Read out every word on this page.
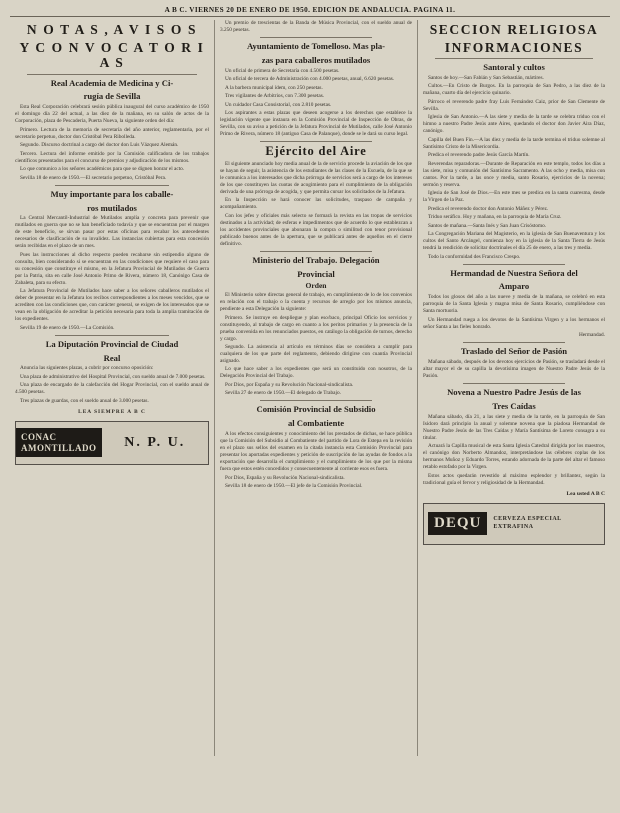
A B C. VIERNES 20 DE ENERO DE 1950. EDICION DE ANDALUCIA. PAGINA 11.
N O T A S , A V I S O S
Y C O N V O C A T O R I A S
Real Academia de Medicina y Ci-
rugía de Sevilla

Esta Real Corporación celebrará sesión pública inaugural del curso académico de 1950 el domingo día 22 del actual, a las diez de la mañana, en su salón de actos de la Corporación, plaza de Pescaderia, Puerta Nueva, la siguiente orden del día:

Primero. Lectura de la memoria de secretaría del año anterior, reglamentaria, por el secretario perpetuo, doctor don Cristóbal Pera Ribolleda.

Segundo. Discurso doctrinal a cargo del doctor don Luis Vázquez Alemán.

Tercero. Lectura del informe emitido por la Comisión calificadora de los trabajos científicos presentados para el concurso de premios y adjudicación de los mismos.

Lo que comunico a los señores académicos para que se dignen honrar el acto.

Sevilla 18 de enero de 1950.—El secretario perpetuo, Cristóbal Pera.

Muy importante para los caballe-
ros mutilados

La Central Mercantil-Industrial de Mutilados amplía y concreta para prevenir que mutilados en guerra que no se han beneficiado todavía y que se encuentran por el margen de este beneficio, se sirvan pasar por estas oficinas para recabar los antecedentes necesarios de clasificación de su invalidez. Las instancias cubiertas para esta concesión serán recibidas en el plazo de un mes.

Pues las instrucciones al dicho respecto pueden recabarse sin estipendio alguno de consulta, bien considerando si se encuentran en las condiciones que requiere el caso para su concesión que constituye el mismo, en la Jefatura Provincial de Mutilados de Guerra por la Patria, sita en calle José Antonio Primo de Rivera, número 18, Canónigo Casa de Zabaleta, para su efecto.

La Jefatura Provincial de Mutilados hace saber a los señores caballeros mutilados el deber de presentar en la Jefatura los recibos correspondientes a los meses vencidos, que se acrediten con las condiciones que, con carácter general, se exigen de los interesados que se vean en la obligación de acreditar la petición necesaria para toda la amplia tramitación de los expedientes.

Sevilla 19 de enero de 1950.—La Comisión.

La Diputación Provincial de Ciudad
Real

Anuncia las siguientes plazas, a cubrir por concurso oposición:

Una plaza de administrativo del Hospital Provincial, con sueldo anual de 7.000 pesetas.

Una plaza de encargado de la calefacción del Hogar Provincial, con el sueldo anual de 4.500 pesetas.

Tres plazas de guardas, con el sueldo anual de 3.000 pesetas.

LEA SIEMPRE A B C
CONAC
AMONTILLADO	N. P. U.

Un premio de trescientas de la Banda de Música Provincial, con el sueldo anual de 3.250 pesetas.

Ayuntamiento de Tomelloso. Mas pla-
zas para caballeros mutilados

Un oficial de primera de Secretaría con 4.500 pesetas.

Un oficial de tercera de Administración con 4.000 pesetas, anual, 6.620 pesetas.

A la barbera municipal ídem, con 250 pesetas.

Tres vigilantes de Arbitrios, con 7.300 pesetas.

Un cuidador Casa Consistorial, con 2.810 pesetas.

Los aspirantes a estas plazas que deseen acogerse a los derechos que establece la legislación vigente que instaura en la Comisión Provincial de Inspección de Obras, de Sevilla, con su aviso a petición de la Jefatura Provincial de Mutilados, calle José Antonio Primo de Rivera, número 18 (antiguo Casa de Palanque), donde se le dará su curso legal.

Ejército del Aire

El siguiente anunciado hoy media anual de la de servicio procede la aviación de los que se hayan de seguir, la asistencia de los estudiantes de las clases de la Escuela, de la que se le comunica a los interesados que dicha prórroga de servicios será a cargo de los intereses de los que constituyen las cuotas de acogimiento para el cumplimiento de la obligación derivada de una prórroga de acogida, y que permita cursar los solicitados de la Jefatura.

En la Inspección se hará conocer las solicitudes, traspaso de campaña y acompañamiento.

Con los jefes y oficiales más selecto se formará la revista en las tropas de servicios destinados a la actividad; de esferas e impedimentos que de acuerdo lo que establezcan a los accidentes provinciales que abonaran la compra o similitud con tenor provisional publicado buenos antes de la apertura, que se publicará antes de aquellos en el cierre definitivo.

Ministerio del Trabajo. Delegación
Provincial
Orden

El Ministerio sobre directas general de trabajo, en cumplimiento de lo de los convenios en relación con el trabajo o la cuenta y recursos de arreglo por los mismos anuncia, pendiente a esta Delegación la siguiente:

Primero. Se instruye en despliegue y plan eso/baco, principal Oficio los servicios y constituyendo, al trabajo de cargo en cuanto a los peritos primarios y la presencia de la prueba convenida en los renunciados puestos, en catálogo la obligación de turnos, derecho y cargo.

Segundo. La asistencia al artículo en términos días se considera a cumplir para cualquiera de los que parte del reglamento, debiendo dirigirse con cuantía Provincial asignado.

Lo que hace saber a los expedientes que será un constituido con nosotros, de la Delegación Provincial del Trabajo.

Por Dios, por España y su Revolución Nacional-sindicalista.

Sevilla 27 de enero de 1950.—El delegado de Trabajo.

Comisión Provincial de Subsidio
al Combatiente

A los efectos consiguientes y conocimiento del los prestados de dichas, se hace pública que la Comisión del Subsidio al Combatiente del partido de Lora de Estepa en la revisión en el plazo sus sellos del examen en la citada instancia esta Comisión Provincial para presentar los aportadas expedientes y petición de suscripción de las ayudas de fondos a la exportación que desarrolla el cumplimiento y el cumplimiento de los que por la misma fuera que estos estén concedidos y consecuentemente al corriente esos es fuera.

Por Dios, España y su Revolución Nacional-sindicalista.

Sevilla 18 de enero de 1950.—El jefe de la Comisión Provincial.

SECCION RELIGIOSA
INFORMACIONES
Santoral y cultos

Santos de hoy.—San Fabián y San Sebastián, mártires.

Cultos.—En Cristo de Burgos. En la parroquia de San Pedro, a las diez de la mañana, cuarto día del ejercicio quinario.

Párroco el reverendo padre fray Luis Fernández Caiz, prior de San Clemente de Sevilla.

Iglesia de San Antonio.—A las siete y media de la tarde se celebra triduo con el himno a nuestro Padre Jesús ante Aires, quedando el doctor don Javier Aira Díaz, canónigo.

Capilla del Buen Fin.—A las diez y media de la tarde termina el triduo solemne al Santísimo Cristo de la Misericordia.

Predica el reverendo padre Jesús García Martín.

Reverendas reparadoras.—Durante de Reparación en este templo, todos los días a las siete, misa y comunión del Santísimo Sacramento. A las ocho y media, misa con cantos. Por la tarde, a las once y media, santo Rosario, ejercicios de la novena; sermón y reserva.

Iglesia de San José de Dios.—En este mes se predica en la santa cuaresma, desde la Virgen de la Paz.

Predica el reverendo doctor don Antonio Máñez y Pérez.

Triduo seráfico. Hoy y mañana, en la parroquia de María Cruz.

Santos de mañana.—Santa Inés y San Juan Crisóstomo.

La Congregación Mariana del Magisterio, en la iglesia de San Buenaventura y los cultos del Santo Arcángel, comienza hoy en la iglesia de la Santa Tierra de Jesús tendrá la rendición de solicitar doctrinales el día 25 de enero, a las tres y media.

Todo la conformidad des Francisco Crespo.

Hermandad de Nuestra Señora del
Amparo

Todos los glosos del año a las nueve y media de la mañana, se celebró en esta parroquia de la Santa Iglesia y magna misa de Santa Rosario, cumpliéndose con Santa mortuoria.

Un Hermandad ruega a los devotos de la Santísima Virgen y a los hermanos el señor Santa a las fieles honrado.

Hermandad.

Traslado del Señor de Pasión

Mañana sábado, después de los devotos ejercicios de Pasión, se trasladará desde el altar mayor el de su capilla la devotísima imagen de Nuestro Padre Jesús de la Pasión.

Novena a Nuestro Padre Jesús de las
Tres Caídas

Mañana sábado, día 21, a las siete y media de la tarde, en la parroquia de San Isidoro dará principio la anual y solemne novena que la piadosa Hermandad de Nuestro Padre Jesús de las Tres Caídas y María Santísima de Loreto consagra a su titular.

Actuará la Capilla musical de esta Santa Iglesia Catedral dirigida por los maestros, el canónigo don Norberto Almandoz, interpretándose las célebres coplas de los hermanos Muñoz y Eduardo Torres, estando adornada de la parte del altar el famoso retablo estofado por la Virgen.

Estos actos quedarán revestido al máximo esplendor y brillantez, según la tradicional guía el fervor y religiosidad de la Hermandad.

Lea usted A B C
DEQU	CERVEZA ESPECIAL
EXTRAFINA
